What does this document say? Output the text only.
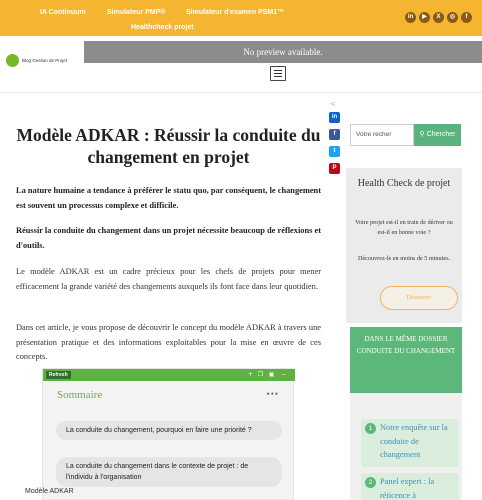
IA Continuum	Simulateur PMP®	Simulateur d'examen PSM1™
Healthcheck projet
in	▶	X	◎	f
Blog Gestion de Projet
No preview available.
<
in
f
t
P
Modèle ADKAR : Réussir la conduite du changement en projet

La nature humaine a tendance à préférer le statu quo, par conséquent, le changement est souvent un processus complexe et difficile.

Réussir la conduite du changement dans un projet nécessite beaucoup de réflexions et d'outils.

Le modèle ADKAR est un cadre précieux pour les chefs de projets pour mener efficacement la grande variété des changements auxquels ils font face dans leur quotidien.

Dans cet article, je vous propose de découvrir le concept du modèle ADKAR à travers une présentation pratique et des informations exploitables pour la mise en œuvre de ces concepts.

Refresh	+ ❐ ▣ −
Sommaire	•••
La conduite du changement, pourquoi en faire une priorité ?
La conduite du changement dans le contexte de projet : de l'individu à l'organisation
Modèle ADKAR
Votre recher	⚲ Chercher
Health Check de projet
Votre projet est-il en train de dériver ou est-il en bonne voie ?
Découvrez-le en moins de 5 minutes.
Démarrer
DANS LE MÊME DOSSIER CONDUITE DU CHANGEMENT
1 Notre enquête sur la conduite de changement
2 Panel expert : la réticence à
